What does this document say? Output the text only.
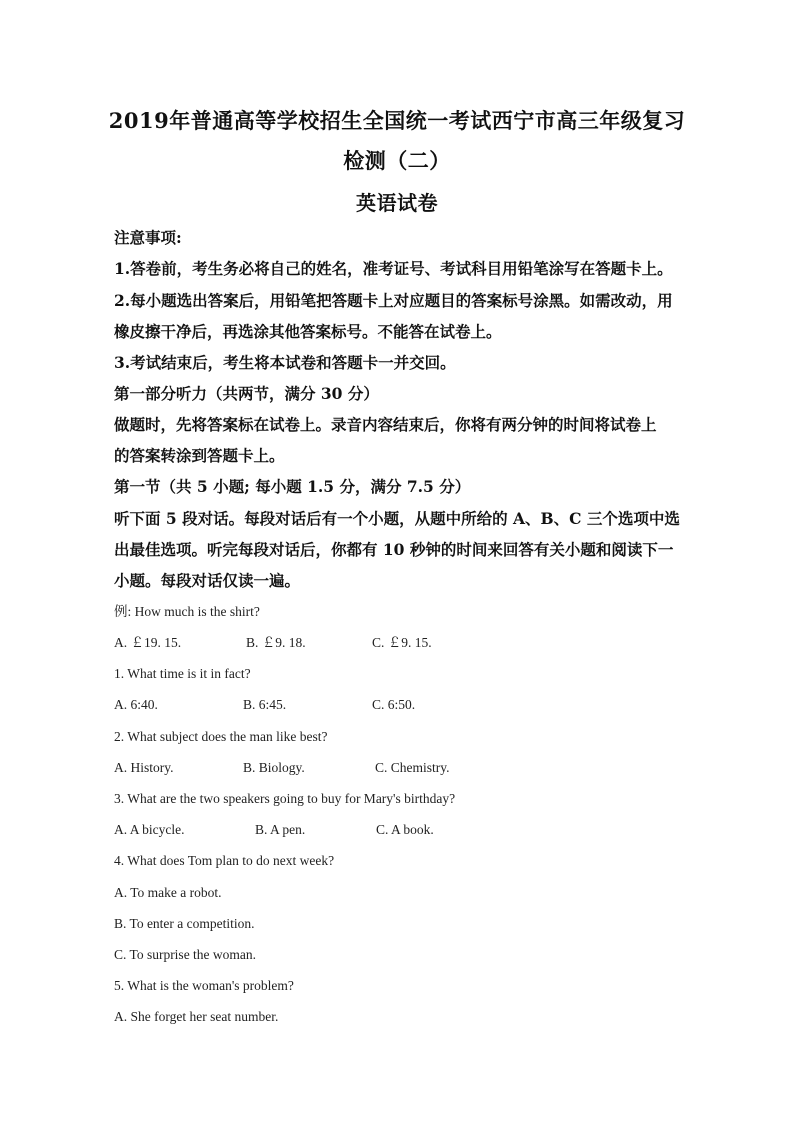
2019年普通高等学校招生全国统一考试西宁市高三年级复习
检测（二）
英语试卷
注意事项:
1.答卷前，考生务必将自己的姓名，准考证号、考试科目用铅笔涂写在答题卡上。
2.每小题选出答案后，用铅笔把答题卡上对应题目的答案标号涂黑。如需改动，用
橡皮擦干净后，再选涂其他答案标号。不能答在试卷上。
3.考试结束后，考生将本试卷和答题卡一并交回。
第一部分听力（共两节，满分 30 分）
做题时，先将答案标在试卷上。录音内容结束后，你将有两分钟的时间将试卷上
的答案转涂到答题卡上。
第一节（共 5 小题; 每小题 1.5 分，满分 7.5 分）
听下面 5 段对话。每段对话后有一个小题，从题中所给的 A、B、C 三个选项中选
出最佳选项。听完每段对话后，你都有 10 秒钟的时间来回答有关小题和阅读下一
小题。每段对话仅读一遍。
例: How much is the shirt?
A. ￡19. 15.	B. ￡9. 18.	C. ￡9. 15.
1. What time is it in fact?
A. 6:40.	B. 6:45.	C. 6:50.
2. What subject does the man like best?
A. History.	B. Biology.	C. Chemistry.
3. What are the two speakers going to buy for Mary's birthday?
A. A bicycle.	B. A pen.	C. A book.
4. What does Tom plan to do next week?
A. To make a robot.
B. To enter a competition.
C. To surprise the woman.
5. What is the woman's problem?
A. She forget her seat number.
